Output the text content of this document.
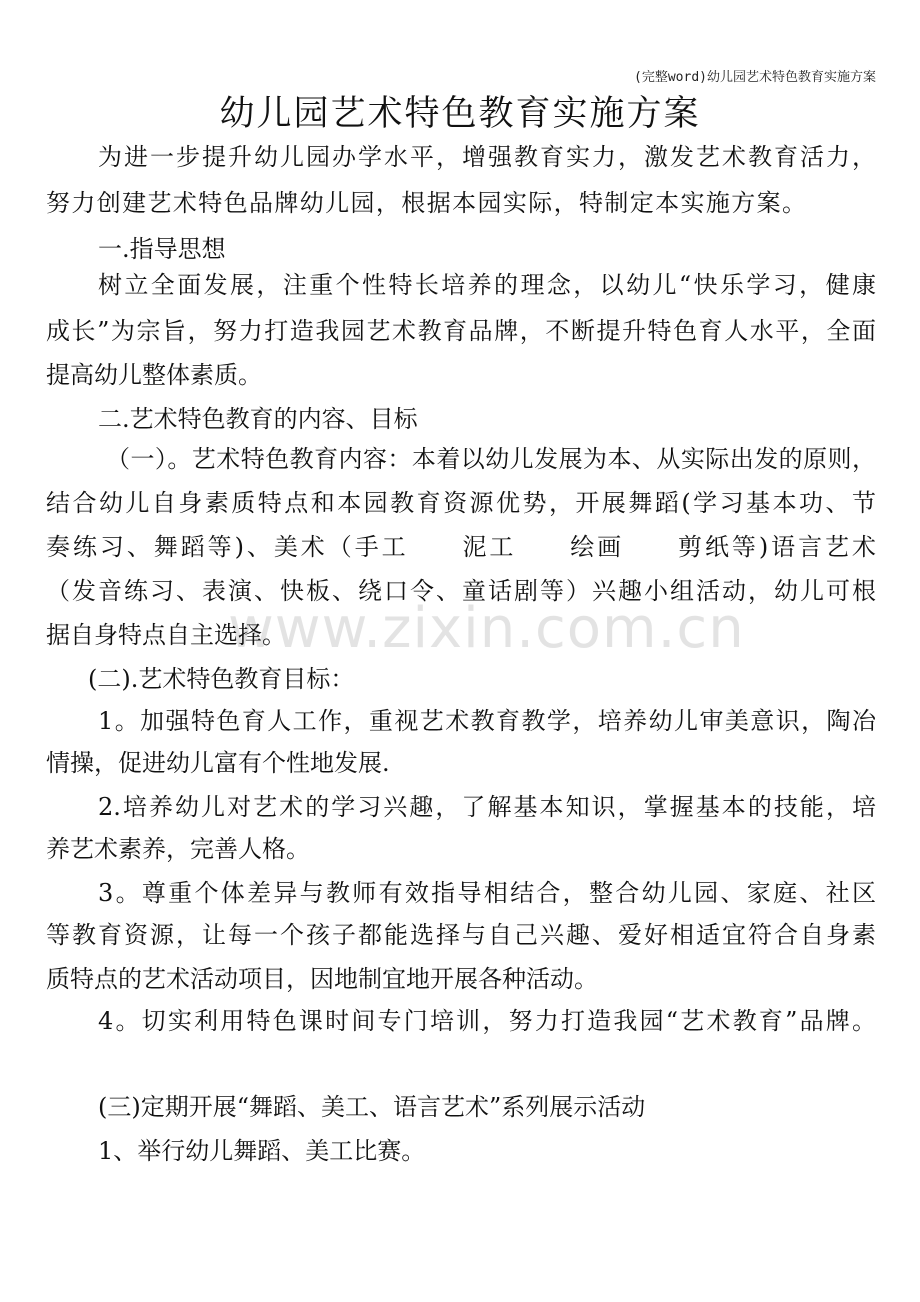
(完整word)幼儿园艺术特色教育实施方案
幼儿园艺术特色教育实施方案
www.zixin.com.cn
为进一步提升幼儿园办学水平，增强教育实力，激发艺术教育活力，
努力创建艺术特色品牌幼儿园，根据本园实际，特制定本实施方案。
一.指导思想
树立全面发展，注重个性特长培养的理念，以幼儿“快乐学习，健康
成长”为宗旨，努力打造我园艺术教育品牌，不断提升特色育人水平，全面
提高幼儿整体素质。
二.艺术特色教育的内容、目标
（一）。艺术特色教育内容：本着以幼儿发展为本、从实际出发的原则，
结合幼儿自身素质特点和本园教育资源优势，开展舞蹈(学习基本功、节
奏练习、舞蹈等)、美术（手工　　泥工　　绘画　　剪纸等)语言艺术
（发音练习、表演、快板、绕口令、童话剧等）兴趣小组活动，幼儿可根
据自身特点自主选择。
(二).艺术特色教育目标：
1。加强特色育人工作，重视艺术教育教学，培养幼儿审美意识，陶冶
情操，促进幼儿富有个性地发展.
2.培养幼儿对艺术的学习兴趣，了解基本知识，掌握基本的技能，培
养艺术素养，完善人格。
3。尊重个体差异与教师有效指导相结合，整合幼儿园、家庭、社区
等教育资源，让每一个孩子都能选择与自己兴趣、爱好相适宜符合自身素
质特点的艺术活动项目，因地制宜地开展各种活动。
4。切实利用特色课时间专门培训，努力打造我园“艺术教育”品牌。
(三)定期开展“舞蹈、美工、语言艺术”系列展示活动
1、举行幼儿舞蹈、美工比赛。
